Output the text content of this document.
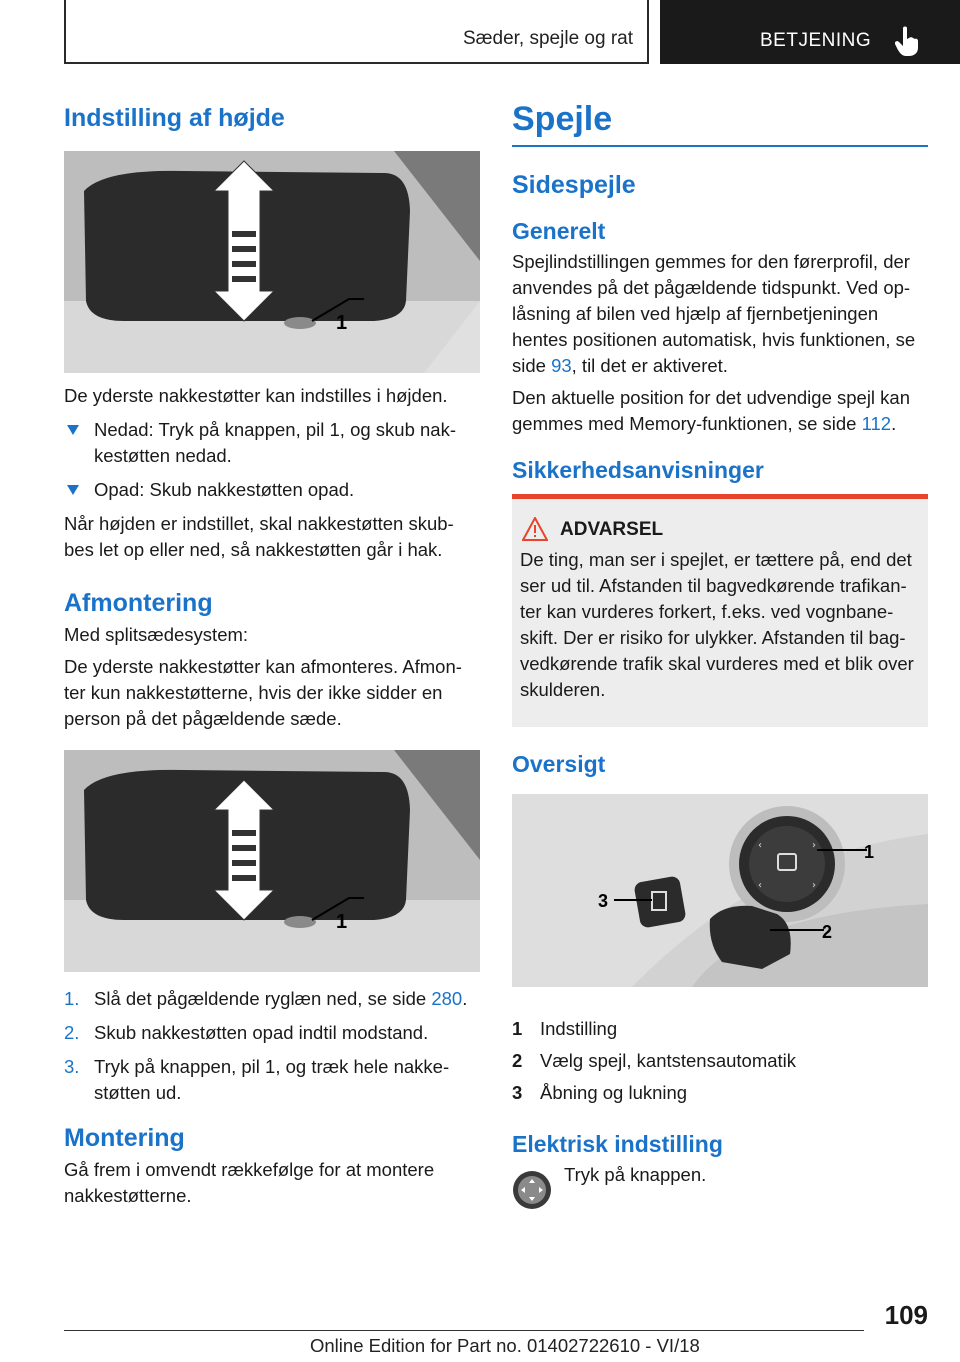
Sæder, spejle og rat	BETJENING
Indstilling af højde
1

De yderste nakkestøtter kan indstilles i højden.

Nedad: Tryk på knappen, pil 1, og skub nak-kestøtten nedad.
Opad: Skub nakkestøtten opad.

Når højden er indstillet, skal nakkestøtten skub-bes let op eller ned, så nakkestøtten går i hak.

Afmontering

Med splitsædesystem:

De yderste nakkestøtter kan afmonteres. Afmon-ter kun nakkestøtterne, hvis der ikke sidder en person på det pågældende sæde.

1
1. Slå det pågældende ryglæn ned, se side 280.
2. Skub nakkestøtten opad indtil modstand.
3. Tryk på knappen, pil 1, og træk hele nakke-støtten ud.
Montering

Gå frem i omvendt rækkefølge for at montere nakkestøtterne.

Spejle
Sidespejle
Generelt

Spejlindstillingen gemmes for den førerprofil, der anvendes på det pågældende tidspunkt. Ved op-låsning af bilen ved hjælp af fjernbetjeningen hentes positionen automatisk, hvis funktionen, se side 93, til det er aktiveret.

Den aktuelle position for det udvendige spejl kan gemmes med Memory-funktionen, se side 112.

Sikkerhedsanvisninger
ADVARSEL

De ting, man ser i spejlet, er tættere på, end det ser ud til. Afstanden til bagvedkørende trafikan-ter kan vurderes forkert, f.eks. ved vognbane-skift. Der er risiko for ulykker. Afstanden til bag-vedkørende trafik skal vurderes med et blik over skulderen.

Oversigt
‹	›
‹	›
1
3
2
1 Indstilling
2 Vælg spejl, kantstensautomatik
3 Åbning og lukning
Elektrisk indstilling

Tryk på knappen.

109
Online Edition for Part no. 01402722610 - VI/18
